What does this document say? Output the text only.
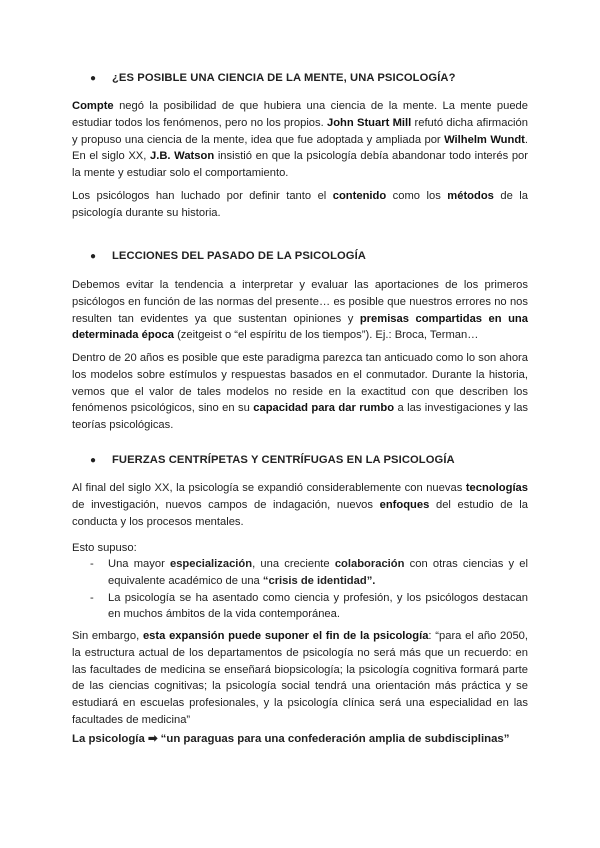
● ¿ES POSIBLE UNA CIENCIA DE LA MENTE, UNA PSICOLOGÍA?

Compte negó la posibilidad de que hubiera una ciencia de la mente. La mente puede estudiar todos los fenómenos, pero no los propios. John Stuart Mill refutó dicha afirmación y propuso una ciencia de la mente, idea que fue adoptada y ampliada por Wilhelm Wundt. En el siglo XX, J.B. Watson insistió en que la psicología debía abandonar todo interés por la mente y estudiar solo el comportamiento.

Los psicólogos han luchado por definir tanto el contenido como los métodos de la psicología durante su historia.

● LECCIONES DEL PASADO DE LA PSICOLOGÍA

Debemos evitar la tendencia a interpretar y evaluar las aportaciones de los primeros psicólogos en función de las normas del presente… es posible que nuestros errores no nos resulten tan evidentes ya que sustentan opiniones y premisas compartidas en una determinada época (zeitgeist o “el espíritu de los tiempos”). Ej.: Broca, Terman…

Dentro de 20 años es posible que este paradigma parezca tan anticuado como lo son ahora los modelos sobre estímulos y respuestas basados en el conmutador. Durante la historia, vemos que el valor de tales modelos no reside en la exactitud con que describen los fenómenos psicológicos, sino en su capacidad para dar rumbo a las investigaciones y las teorías psicológicas.

● FUERZAS CENTRÍPETAS Y CENTRÍFUGAS EN LA PSICOLOGÍA

Al final del siglo XX, la psicología se expandió considerablemente con nuevas tecnologías de investigación, nuevos campos de indagación, nuevos enfoques del estudio de la conducta y los procesos mentales.

Esto supuso:

- Una mayor especialización, una creciente colaboración con otras ciencias y el equivalente académico de una “crisis de identidad”.
- La psicología se ha asentado como ciencia y profesión, y los psicólogos destacan en muchos ámbitos de la vida contemporánea.

Sin embargo, esta expansión puede suponer el fin de la psicología: “para el año 2050, la estructura actual de los departamentos de psicología no será más que un recuerdo: en las facultades de medicina se enseñará biopsicología; la psicología cognitiva formará parte de las ciencias cognitivas; la psicología social tendrá una orientación más práctica y se estudiará en escuelas profesionales, y la psicología clínica será una especialidad en las facultades de medicina”

La psicología ➡ “un paraguas para una confederación amplia de subdisciplinas”
